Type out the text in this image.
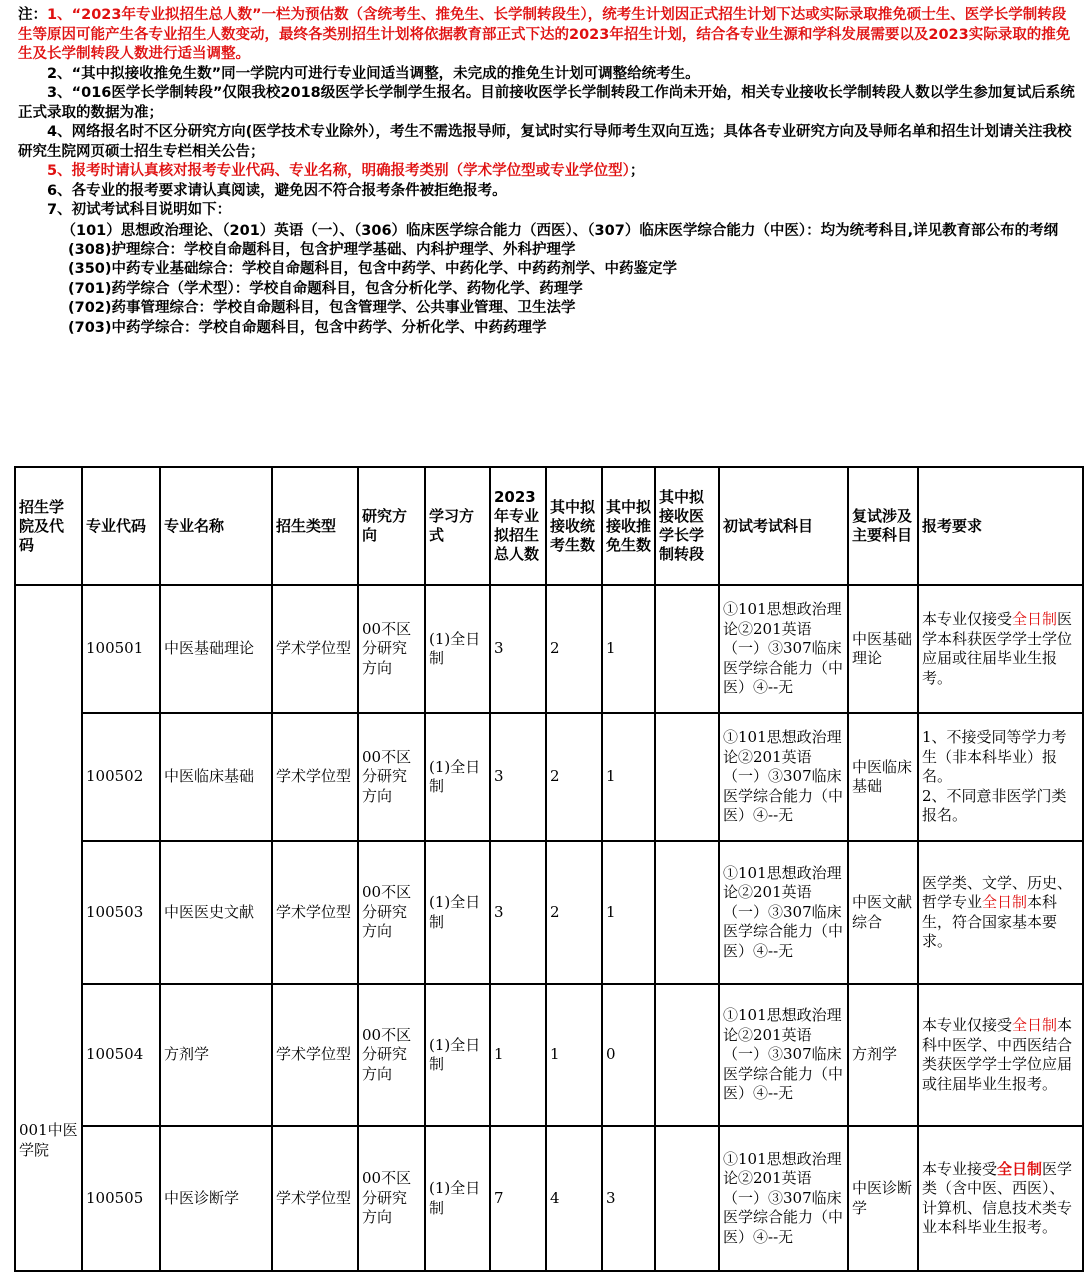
注：1、“2023年专业拟招生总人数”一栏为预估数（含统考生、推免生、长学制转段生），统考生计划因正式招生计划下达或实际录取推免硕士生、医学长学制转段生等原因可能产生各专业招生人数变动，最终各类别招生计划将依据教育部正式下达的2023年招生计划，结合各专业生源和学科发展需要以及2023实际录取的推免生及长学制转段人数进行适当调整。

2、“其中拟接收推免生数”同一学院内可进行专业间适当调整，未完成的推免生计划可调整给统考生。

3、“016医学长学制转段”仅限我校2018级医学长学制学生报名。目前接收医学长学制转段工作尚未开始，相关专业接收长学制转段人数以学生参加复试后系统正式录取的数据为准；

4、网络报名时不区分研究方向(医学技术专业除外），考生不需选报导师，复试时实行导师考生双向互选；具体各专业研究方向及导师名单和招生计划请关注我校研究生院网页硕士招生专栏相关公告；

5、报考时请认真核对报考专业代码、专业名称，明确报考类别（学术学位型或专业学位型）；

6、各专业的报考要求请认真阅读，避免因不符合报考条件被拒绝报考。

7、初试考试科目说明如下：

（101）思想政治理论、（201）英语（一）、（306）临床医学综合能力（西医）、（307）临床医学综合能力（中医）：均为统考科目,详见教育部公布的考纲

(308)护理综合：学校自命题科目，包含护理学基础、内科护理学、外科护理学

(350)中药专业基础综合：学校自命题科目，包含中药学、中药化学、中药药剂学、中药鉴定学

(701)药学综合（学术型）：学校自命题科目，包含分析化学、药物化学、药理学

(702)药事管理综合：学校自命题科目，包含管理学、公共事业管理、卫生法学

(703)中药学综合：学校自命题科目，包含中药学、分析化学、中药药理学

招生学院及代码	专业代码	专业名称	招生类型	研究方向	学习方式	2023年专业拟招生总人数	其中拟接收统考生数	其中拟接收推免生数	其中拟接收医学长学制转段	初试考试科目	复试涉及主要科目	报考要求
001中医学院	100501	中医基础理论	学术学位型	00不区分研究方向	(1)全日制	3	2	1		①101思想政治理论②201英语（一）③307临床医学综合能力（中医）④--无	中医基础理论	本专业仅接受全日制医学本科获医学学士学位应届或往届毕业生报考。
	100502	中医临床基础	学术学位型	00不区分研究方向	(1)全日制	3	2	1		①101思想政治理论②201英语（一）③307临床医学综合能力（中医）④--无	中医临床基础	1、不接受同等学力考生（非本科毕业）报名。
2、不同意非医学门类报名。

	100503	中医医史文献	学术学位型	00不区分研究方向	(1)全日制	3	2	1		①101思想政治理论②201英语（一）③307临床医学综合能力（中医）④--无	中医文献综合	医学类、文学、历史、哲学专业全日制本科生，符合国家基本要求。
	100504	方剂学	学术学位型	00不区分研究方向	(1)全日制	1	1	0		①101思想政治理论②201英语（一）③307临床医学综合能力（中医）④--无	方剂学	本专业仅接受全日制本科中医学、中西医结合类获医学学士学位应届或往届毕业生报考。
	100505	中医诊断学	学术学位型	00不区分研究方向	(1)全日制	7	4	3		①101思想政治理论②201英语（一）③307临床医学综合能力（中医）④--无	中医诊断学	本专业接受全日制医学类（含中医、西医）、计算机、信息技术类专业本科毕业生报考。
